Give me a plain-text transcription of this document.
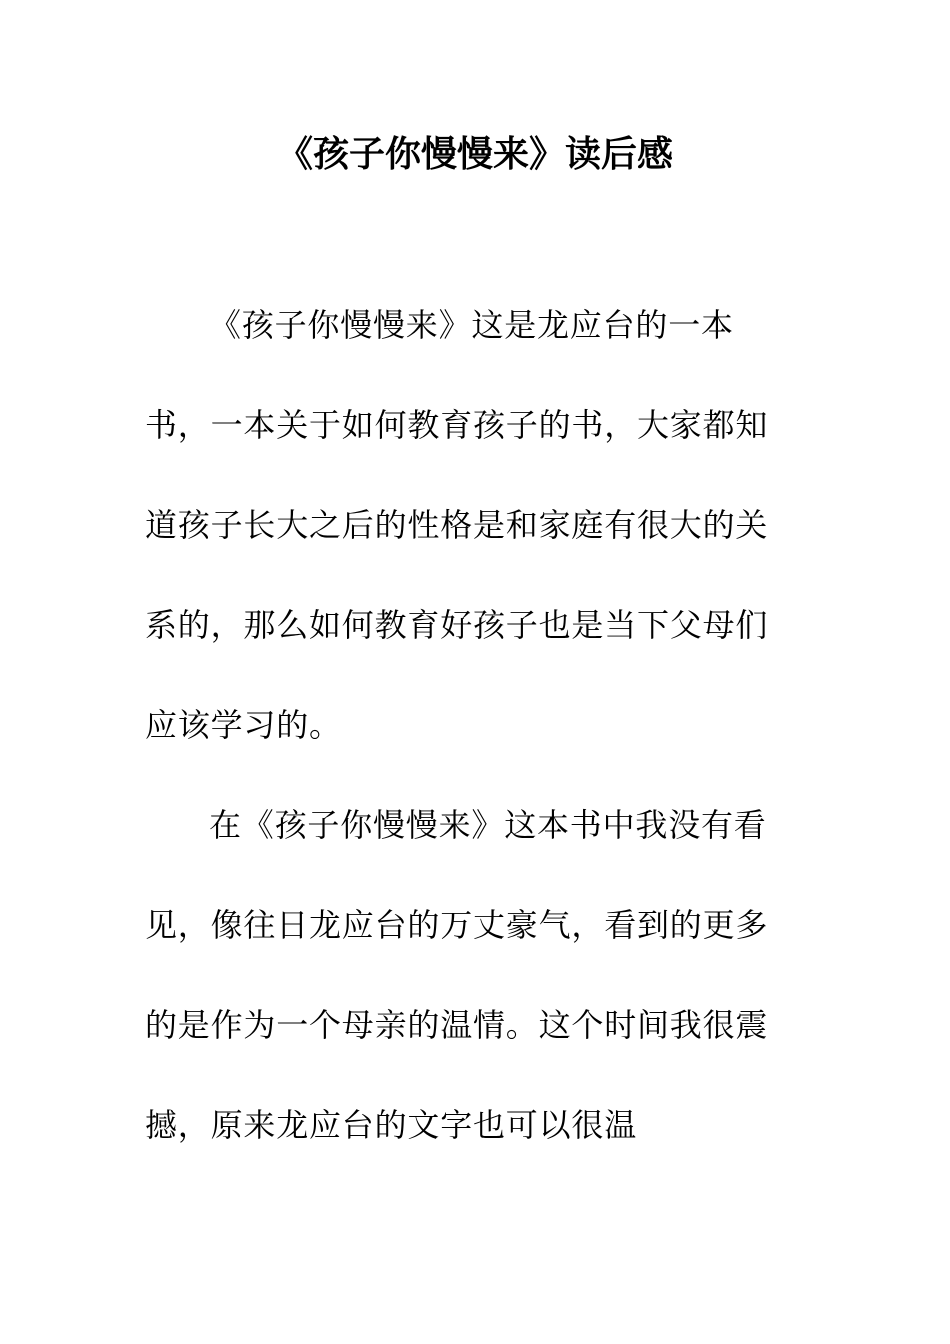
《孩子你慢慢来》读后感

《孩子你慢慢来》这是龙应台的一本书，一本关于如何教育孩子的书，大家都知道孩子长大之后的性格是和家庭有很大的关系的，那么如何教育好孩子也是当下父母们应该学习的。

在《孩子你慢慢来》这本书中我没有看见，像往日龙应台的万丈豪气，看到的更多的是作为一个母亲的温情。这个时间我很震撼，原来龙应台的文字也可以很温
